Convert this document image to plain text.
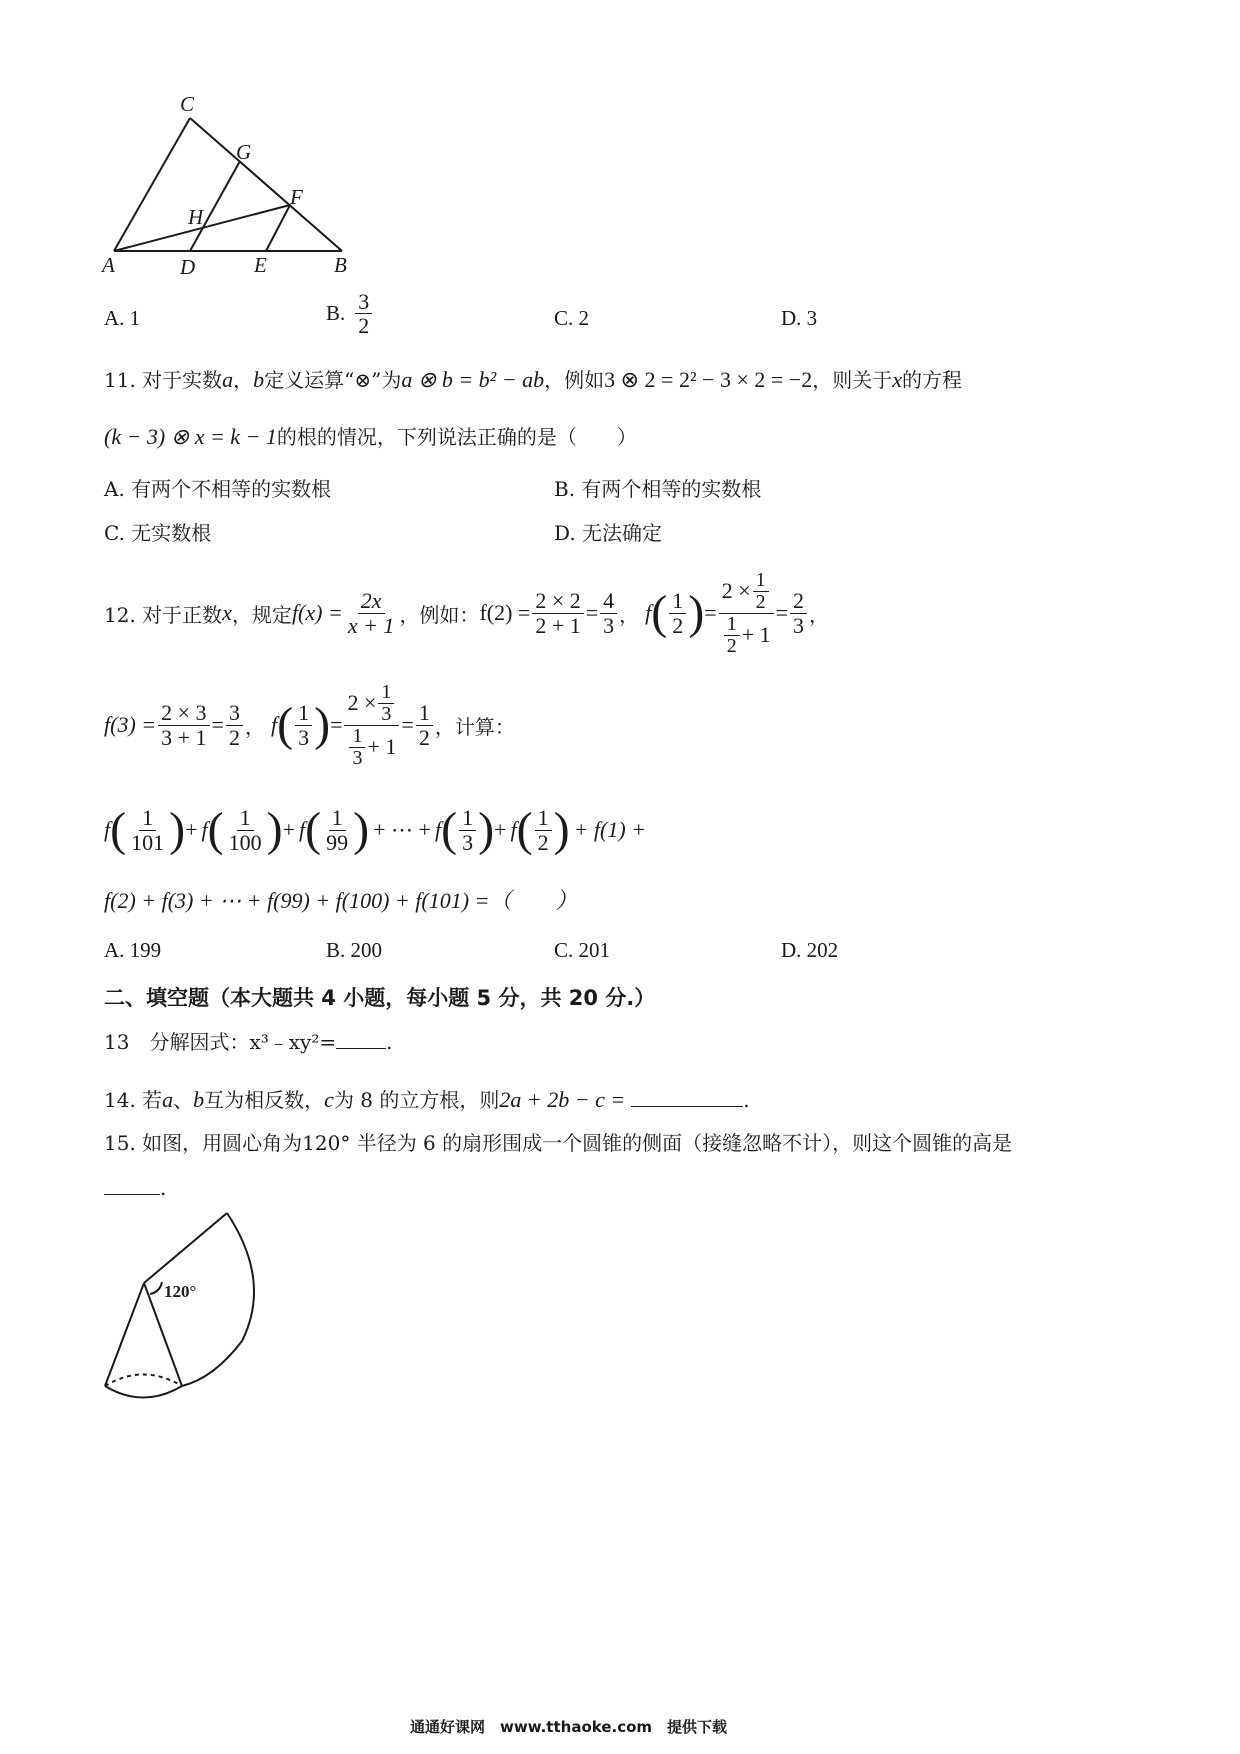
C
G
F
H
A	D	E	B
A. 1	B. $\frac{3}{2}$	C. 2	D. 3
11. 对于实数a，b定义运算“⊗”为a ⊗ b = b² − ab，例如3 ⊗ 2 = 2² − 3 × 2 = −2，则关于x的方程
(k − 3) ⊗ x = k − 1的根的情况，下列说法正确的是（　　）
A. 有两个不相等的实数根	B. 有两个相等的实数根
C. 无实数根	D. 无法确定
12. 对于正数 x ，规定 $f(x) = \frac{2x}{x + 1}$ ，例如： $f(2) = \frac{2 \times 2}{2 + 1} = \frac{4}{3}$ ， f ( $\frac{1}{2}$ ) = $\frac{2 \times \frac{1}{2}}{\frac{1}{2} + 1} = \frac{2}{3}$ ，
$f(3) = \frac{2 \times 3}{3 + 1} = \frac{3}{2}$ ， f ( $\frac{1}{3}$ ) = $\frac{2 \times \frac{1}{3}}{\frac{1}{3} + 1} = \frac{1}{2}$ ，计算：
f ( $\frac{1}{101}$ ) + f ( $\frac{1}{100}$ ) + f ( $\frac{1}{99}$ ) + ⋯ + f ( $\frac{1}{3}$ ) + f ( $\frac{1}{2}$ ) + f(1) +
f(2) + f(3) + ⋯ + f(99) + f(100) + f(101) =（　　）
A. 199	B. 200	C. 201	D. 202
二、填空题（本大题共 4 小题，每小题 5 分，共 20 分.）
13　分解因式：x³﹣xy²=	.
14. 若a、b互为相反数，c为 8 的立方根，则2a + 2b − c =	.
15. 如图，用圆心角为120° 半径为 6 的扇形围成一个圆锥的侧面（接缝忽略不计），则这个圆锥的高是
.
120°
通通好课网　www.tthaoke.com　提供下载
